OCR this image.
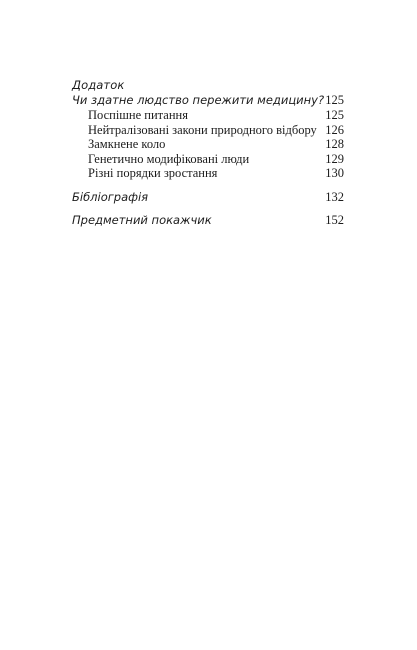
Додаток
Чи здатне людство пережити медицину? 125
Поспішне питання	125
Нейтралізовані закони природного відбору 126
Замкнене коло	128
Генетично модифіковані люди	129
Різні порядки зростання	130
Бібліографія	132
Предметний покажчик	152
